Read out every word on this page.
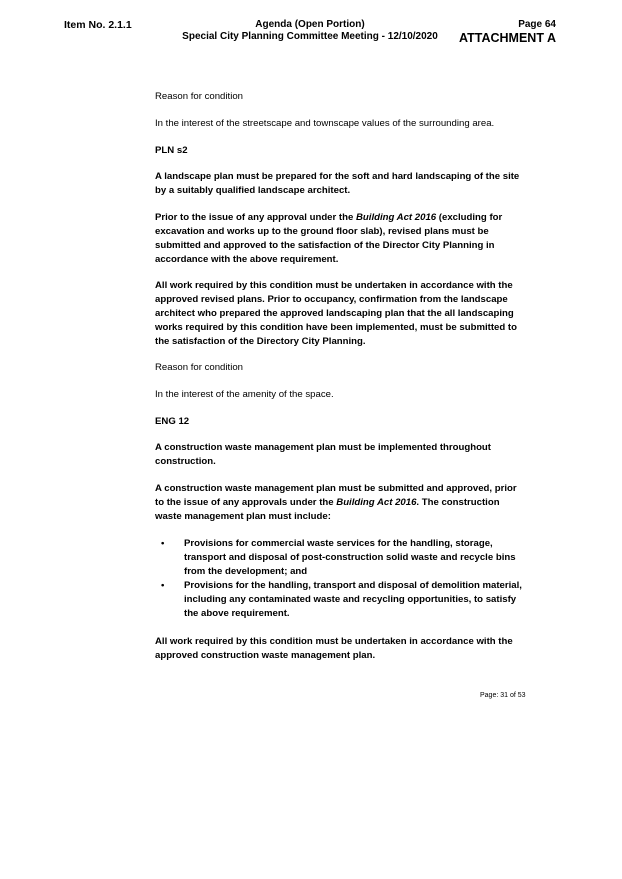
Item No. 2.1.1	Agenda (Open Portion)
Special City Planning Committee Meeting - 12/10/2020
Page 64
ATTACHMENT A
Reason for condition
In the interest of the streetscape and townscape values of the surrounding area.
PLN s2
A landscape plan must be prepared for the soft and hard landscaping of the site by a suitably qualified landscape architect.
Prior to the issue of any approval under the Building Act 2016 (excluding for excavation and works up to the ground floor slab), revised plans must be submitted and approved to the satisfaction of the Director City Planning in accordance with the above requirement.
All work required by this condition must be undertaken in accordance with the approved revised plans. Prior to occupancy, confirmation from the landscape architect who prepared the approved landscaping plan that the all landscaping works required by this condition have been implemented, must be submitted to the satisfaction of the Directory City Planning.
Reason for condition
In the interest of the amenity of the space.
ENG 12
A construction waste management plan must be implemented throughout construction.
A construction waste management plan must be submitted and approved, prior to the issue of any approvals under the Building Act 2016. The construction waste management plan must include:
• Provisions for commercial waste services for the handling, storage, transport and disposal of post-construction solid waste and recycle bins from the development; and
• Provisions for the handling, transport and disposal of demolition material, including any contaminated waste and recycling opportunities, to satisfy the above requirement.
All work required by this condition must be undertaken in accordance with the approved construction waste management plan.
Page: 31 of 53
